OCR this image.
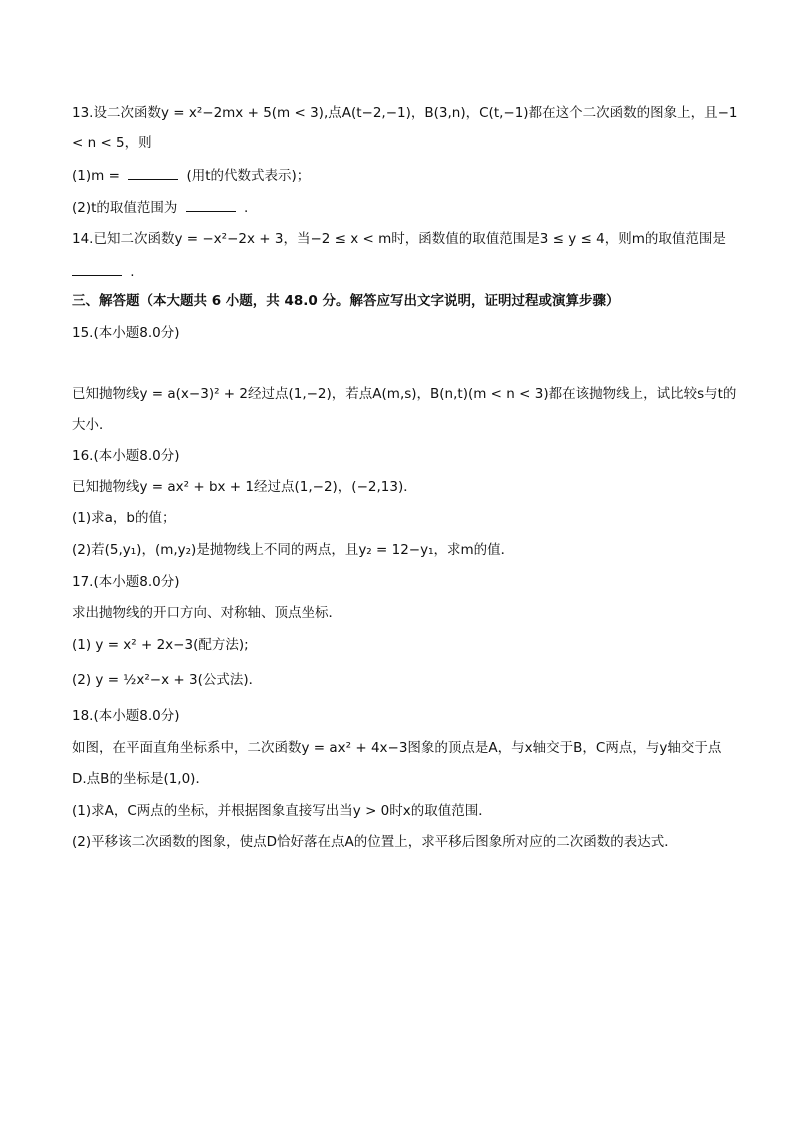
13.设二次函数y = x²−2mx + 5(m < 3),点A(t−2,−1)，B(3,n)，C(t,−1)都在这个二次函数的图象上，且−1
< n < 5，则
(1)m =	(用t的代数式表示)；
(2)t的取值范围为	.
14.已知二次函数y = −x²−2x + 3，当−2 ≤ x < m时，函数值的取值范围是3 ≤ y ≤ 4，则m的取值范围是
.
三、解答题（本大题共 6 小题，共 48.0 分。解答应写出文字说明，证明过程或演算步骤）
15.(本小题8.0分)
已知抛物线y = a(x−3)² + 2经过点(1,−2)，若点A(m,s)，B(n,t)(m < n < 3)都在该抛物线上，试比较s与t的
大小．
16.(本小题8.0分)
已知抛物线y = ax² + bx + 1经过点(1,−2)，(−2,13)．
(1)求a，b的值；
(2)若(5,y₁)，(m,y₂)是抛物线上不同的两点，且y₂ = 12−y₁，求m的值．
17.(本小题8.0分)
求出抛物线的开口方向、对称轴、顶点坐标．
(1) y = x² + 2x−3(配方法);
(2) y = ½x²−x + 3(公式法)．
18.(本小题8.0分)
如图，在平面直角坐标系中，二次函数y = ax² + 4x−3图象的顶点是A，与x轴交于B，C两点，与y轴交于点
D.点B的坐标是(1,0)．
(1)求A，C两点的坐标，并根据图象直接写出当y > 0时x的取值范围．
(2)平移该二次函数的图象，使点D恰好落在点A的位置上，求平移后图象所对应的二次函数的表达式．
